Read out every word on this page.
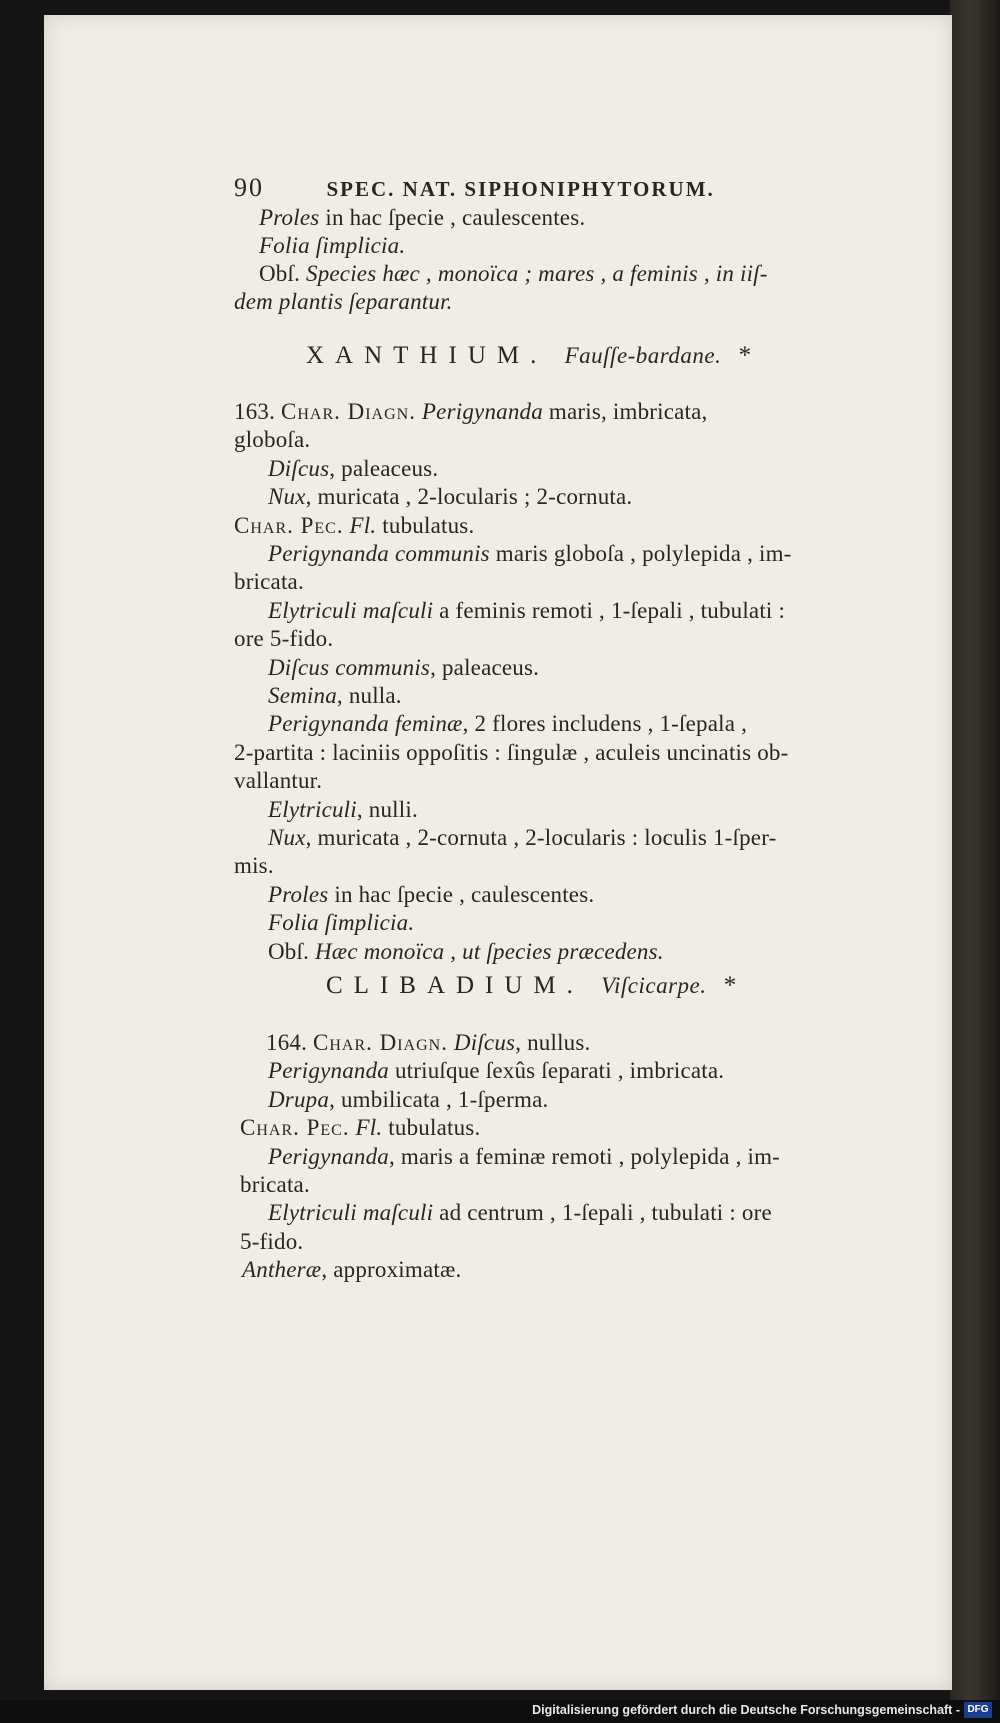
90	SPEC. NAT. SIPHONIPHYTORUM.
Proles in hac ſpecie , caulescentes.
Folia ſimplicia.
Obſ. Species hæc , monoïca ; mares , a feminis , in iiſ-
dem plantis ſeparantur.
XANTHIUM. Fauſſe-bardane. *
163. Char. Diagn. Perigynanda maris, imbricata,
globoſa.
Diſcus, paleaceus.
Nux, muricata , 2-locularis ; 2-cornuta.
Char. Pec. Fl. tubulatus.
Perigynanda communis maris globoſa , polylepida , im-
bricata.
Elytriculi maſculi a feminis remoti , 1-ſepali , tubulati :
ore 5-fido.
Diſcus communis, paleaceus.
Semina, nulla.
Perigynanda feminæ, 2 flores includens , 1-ſepala ,
2-partita : laciniis oppoſitis : ſingulæ , aculeis uncinatis ob-
vallantur.
Elytriculi, nulli.
Nux, muricata , 2-cornuta , 2-locularis : loculis 1-ſper-
mis.
Proles in hac ſpecie , caulescentes.
Folia ſimplicia.
Obſ. Hæc monoïca , ut ſpecies præcedens.
CLIBADIUM. Viſcicarpe. *
164. Char. Diagn. Diſcus, nullus.
Perigynanda utriuſque ſexûs ſeparati , imbricata.
Drupa, umbilicata , 1-ſperma.
Char. Pec. Fl. tubulatus.
Perigynanda, maris a feminæ remoti , polylepida , im-
bricata.
Elytriculi maſculi ad centrum , 1-ſepali , tubulati : ore
5-fido.
Antheræ, approximatæ.
Digitalisierung gefördert durch die Deutsche Forschungsgemeinschaft - DFG
